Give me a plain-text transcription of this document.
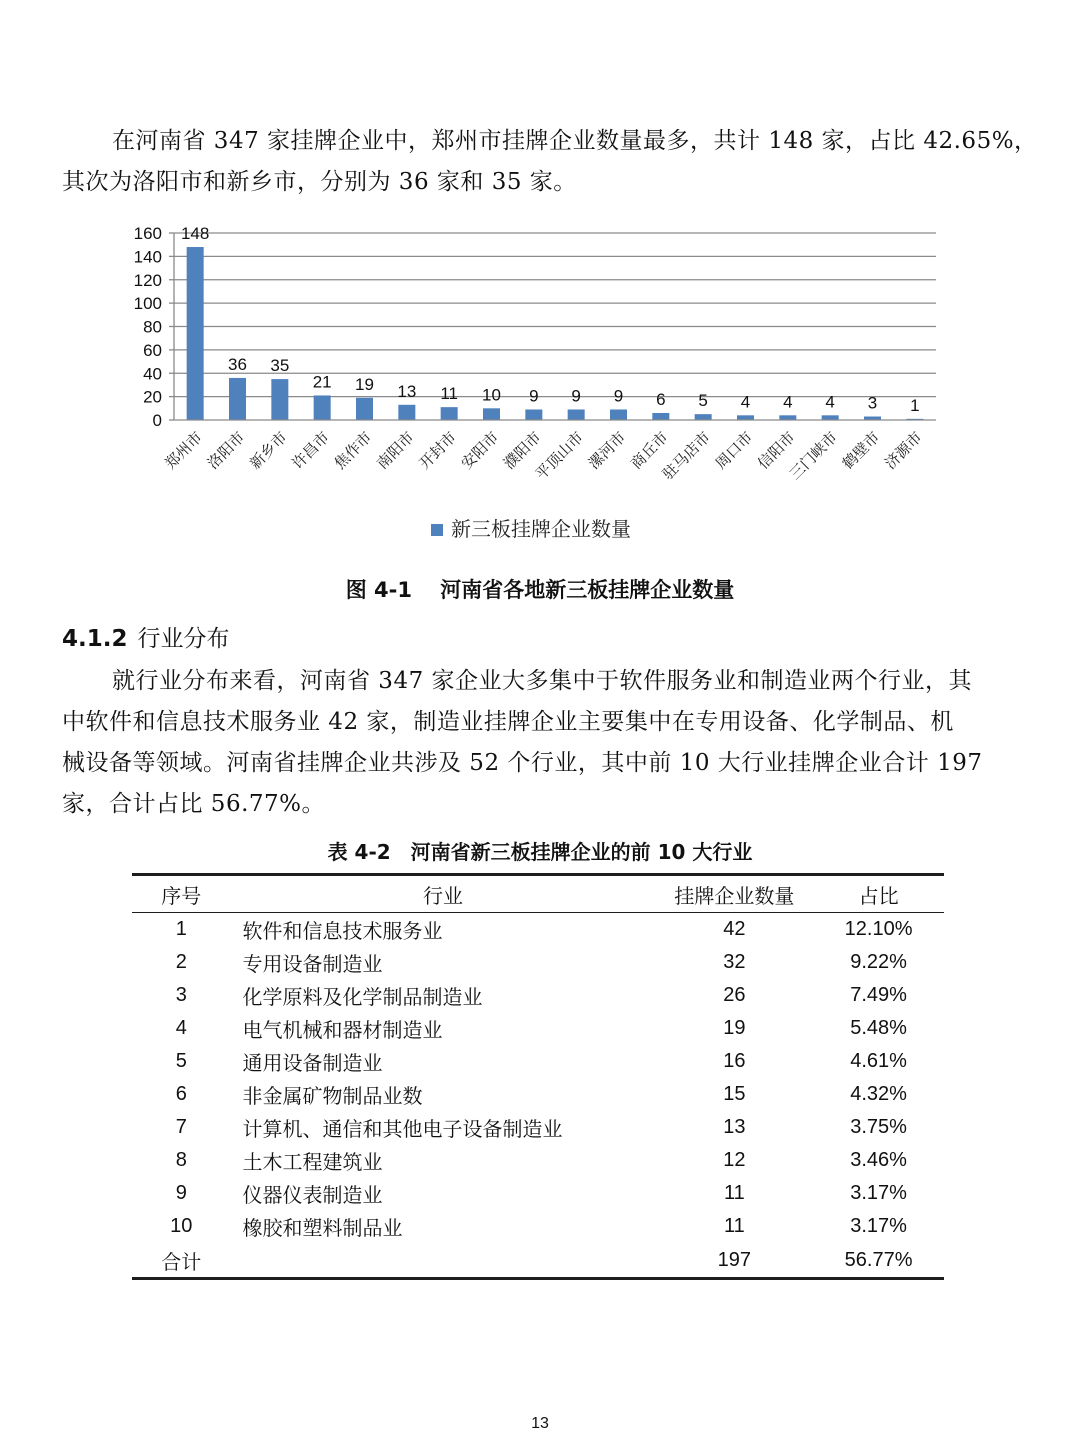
在河南省 347 家挂牌企业中，郑州市挂牌企业数量最多，共计 148 家，占比 42.65%，
其次为洛阳市和新乡市，分别为 36 家和 35 家。
0
20
40
60
80
100
120
140
160
郑州市
洛阳市
新乡市
许昌市
焦作市
南阳市
开封市
安阳市
濮阳市
平顶山市
漯河市
商丘市
驻马店市
周口市
信阳市
三门峡市
鹤壁市
济源市
148
36 35
21 19 13 11 10 9 9 9 6 5 4 4 4 3 1
新三板挂牌企业数量
图 4-1　 河南省各地新三板挂牌企业数量
4.1.2 行业分布
就行业分布来看，河南省 347 家企业大多集中于软件服务业和制造业两个行业，其
中软件和信息技术服务业 42 家，制造业挂牌企业主要集中在专用设备、化学制品、机
械设备等领域。河南省挂牌企业共涉及 52 个行业，其中前 10 大行业挂牌企业合计 197
家，合计占比 56.77%。
表 4-2　河南省新三板挂牌企业的前 10 大行业
序号	行业	挂牌企业数量	占比
1	软件和信息技术服务业	42	12.10%
2	专用设备制造业	32	9.22%
3	化学原料及化学制品制造业	26	7.49%
4	电气机械和器材制造业	19	5.48%
5	通用设备制造业	16	4.61%
6	非金属矿物制品业数	15	4.32%
7	计算机、通信和其他电子设备制造业	13	3.75%
8	土木工程建筑业	12	3.46%
9	仪器仪表制造业	11	3.17%
10	橡胶和塑料制品业	11	3.17%
合计		197	56.77%
13
